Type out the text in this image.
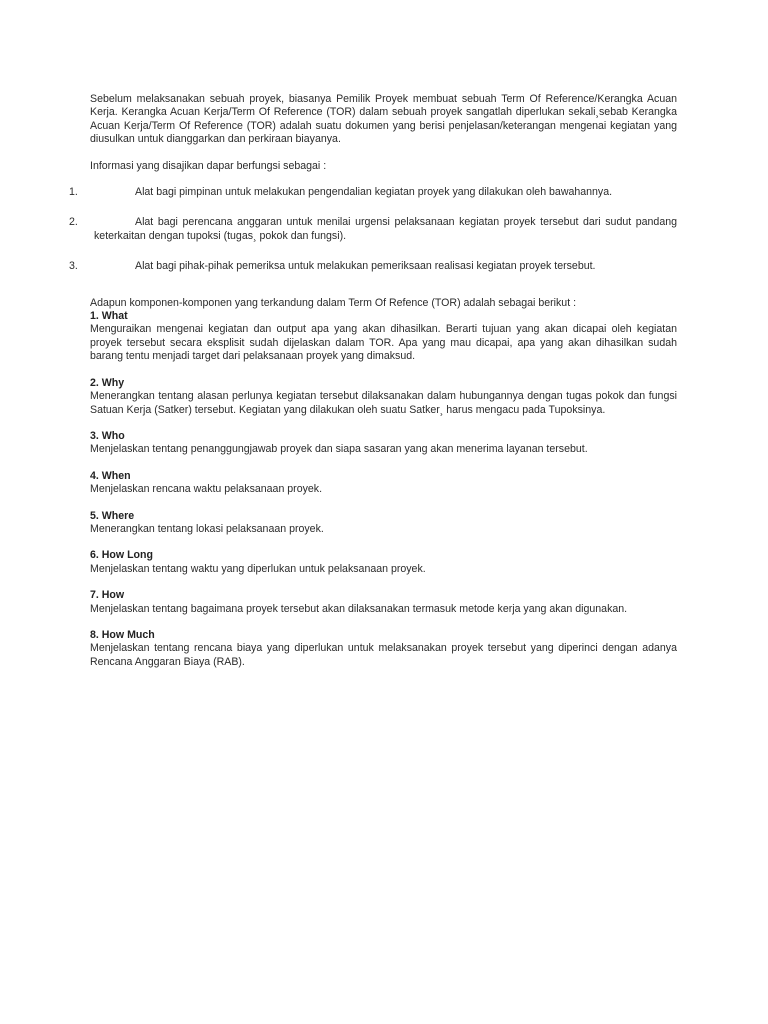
Sebelum melaksanakan sebuah proyek, biasanya Pemilik Proyek membuat sebuah Term Of Reference/Kerangka Acuan Kerja. Kerangka Acuan Kerja/Term Of Reference (TOR) dalam sebuah proyek sangatlah diperlukan sekali¸sebab Kerangka Acuan Kerja/Term Of Reference (TOR) adalah suatu dokumen yang berisi penjelasan/keterangan mengenai kegiatan yang diusulkan untuk dianggarkan dan perkiraan biayanya.

Informasi yang disajikan dapar berfungsi sebagai :

1.	Alat bagi pimpinan untuk melakukan pengendalian kegiatan proyek yang dilakukan oleh bawahannya.

2.	Alat bagi perencana anggaran untuk menilai urgensi pelaksanaan kegiatan proyek tersebut dari sudut pandang keterkaitan dengan tupoksi (tugas¸ pokok dan fungsi).

3.	Alat bagi pihak-pihak pemeriksa untuk melakukan pemeriksaan realisasi kegiatan proyek tersebut.

Adapun komponen-komponen yang terkandung dalam Term Of Refence (TOR) adalah sebagai berikut :

1. What

Menguraikan mengenai kegiatan dan output apa yang akan dihasilkan. Berarti tujuan yang akan dicapai oleh kegiatan proyek tersebut secara eksplisit sudah dijelaskan dalam TOR. Apa yang mau dicapai, apa yang akan dihasilkan sudah barang tentu menjadi target dari pelaksanaan proyek yang dimaksud.

2. Why

Menerangkan tentang alasan perlunya kegiatan tersebut dilaksanakan dalam hubungannya dengan tugas pokok dan fungsi Satuan Kerja (Satker) tersebut. Kegiatan yang dilakukan oleh suatu Satker¸ harus mengacu pada Tupoksinya.

3. Who

Menjelaskan tentang penanggungjawab proyek dan siapa sasaran yang akan menerima layanan tersebut.

4. When

Menjelaskan rencana waktu pelaksanaan proyek.

5. Where

Menerangkan tentang lokasi pelaksanaan proyek.

6. How Long

Menjelaskan tentang waktu yang diperlukan untuk pelaksanaan proyek.

7. How

Menjelaskan tentang bagaimana proyek tersebut akan dilaksanakan termasuk metode kerja yang akan digunakan.

8. How Much

Menjelaskan tentang rencana biaya yang diperlukan untuk melaksanakan proyek tersebut yang diperinci dengan adanya Rencana Anggaran Biaya (RAB).
